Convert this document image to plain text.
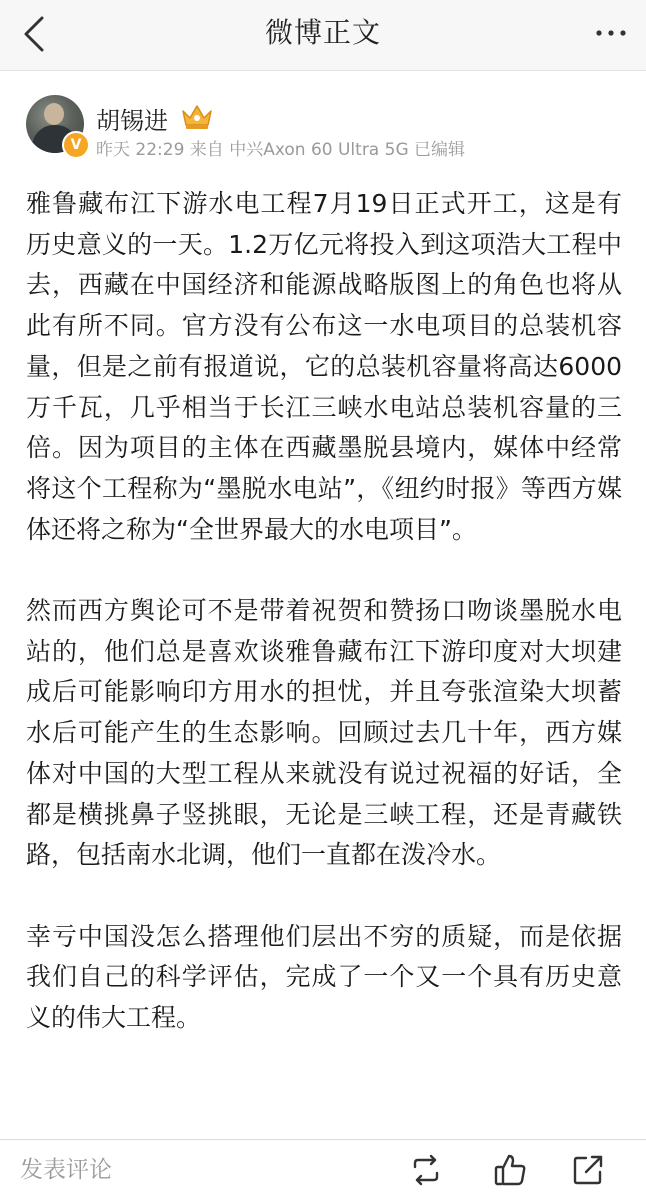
微博正文
V
胡锡进
昨天 22:29 来自 中兴Axon 60 Ultra 5G 已编辑

雅鲁藏布江下游水电工程7月19日正式开工，这是有历史意义的一天。1.2万亿元将投入到这项浩大工程中去，西藏在中国经济和能源战略版图上的角色也将从此有所不同。官方没有公布这一水电项目的总装机容量，但是之前有报道说，它的总装机容量将高达6000万千瓦，几乎相当于长江三峡水电站总装机容量的三倍。因为项目的主体在西藏墨脱县境内，媒体中经常将这个工程称为“墨脱水电站”，《纽约时报》等西方媒体还将之称为“全世界最大的水电项目”。

然而西方舆论可不是带着祝贺和赞扬口吻谈墨脱水电站的，他们总是喜欢谈雅鲁藏布江下游印度对大坝建成后可能影响印方用水的担忧，并且夸张渲染大坝蓄水后可能产生的生态影响。回顾过去几十年，西方媒体对中国的大型工程从来就没有说过祝福的好话，全都是横挑鼻子竖挑眼，无论是三峡工程，还是青藏铁路，包括南水北调，他们一直都在泼冷水。

幸亏中国没怎么搭理他们层出不穷的质疑，而是依据我们自己的科学评估，完成了一个又一个具有历史意义的伟大工程。

发表评论
